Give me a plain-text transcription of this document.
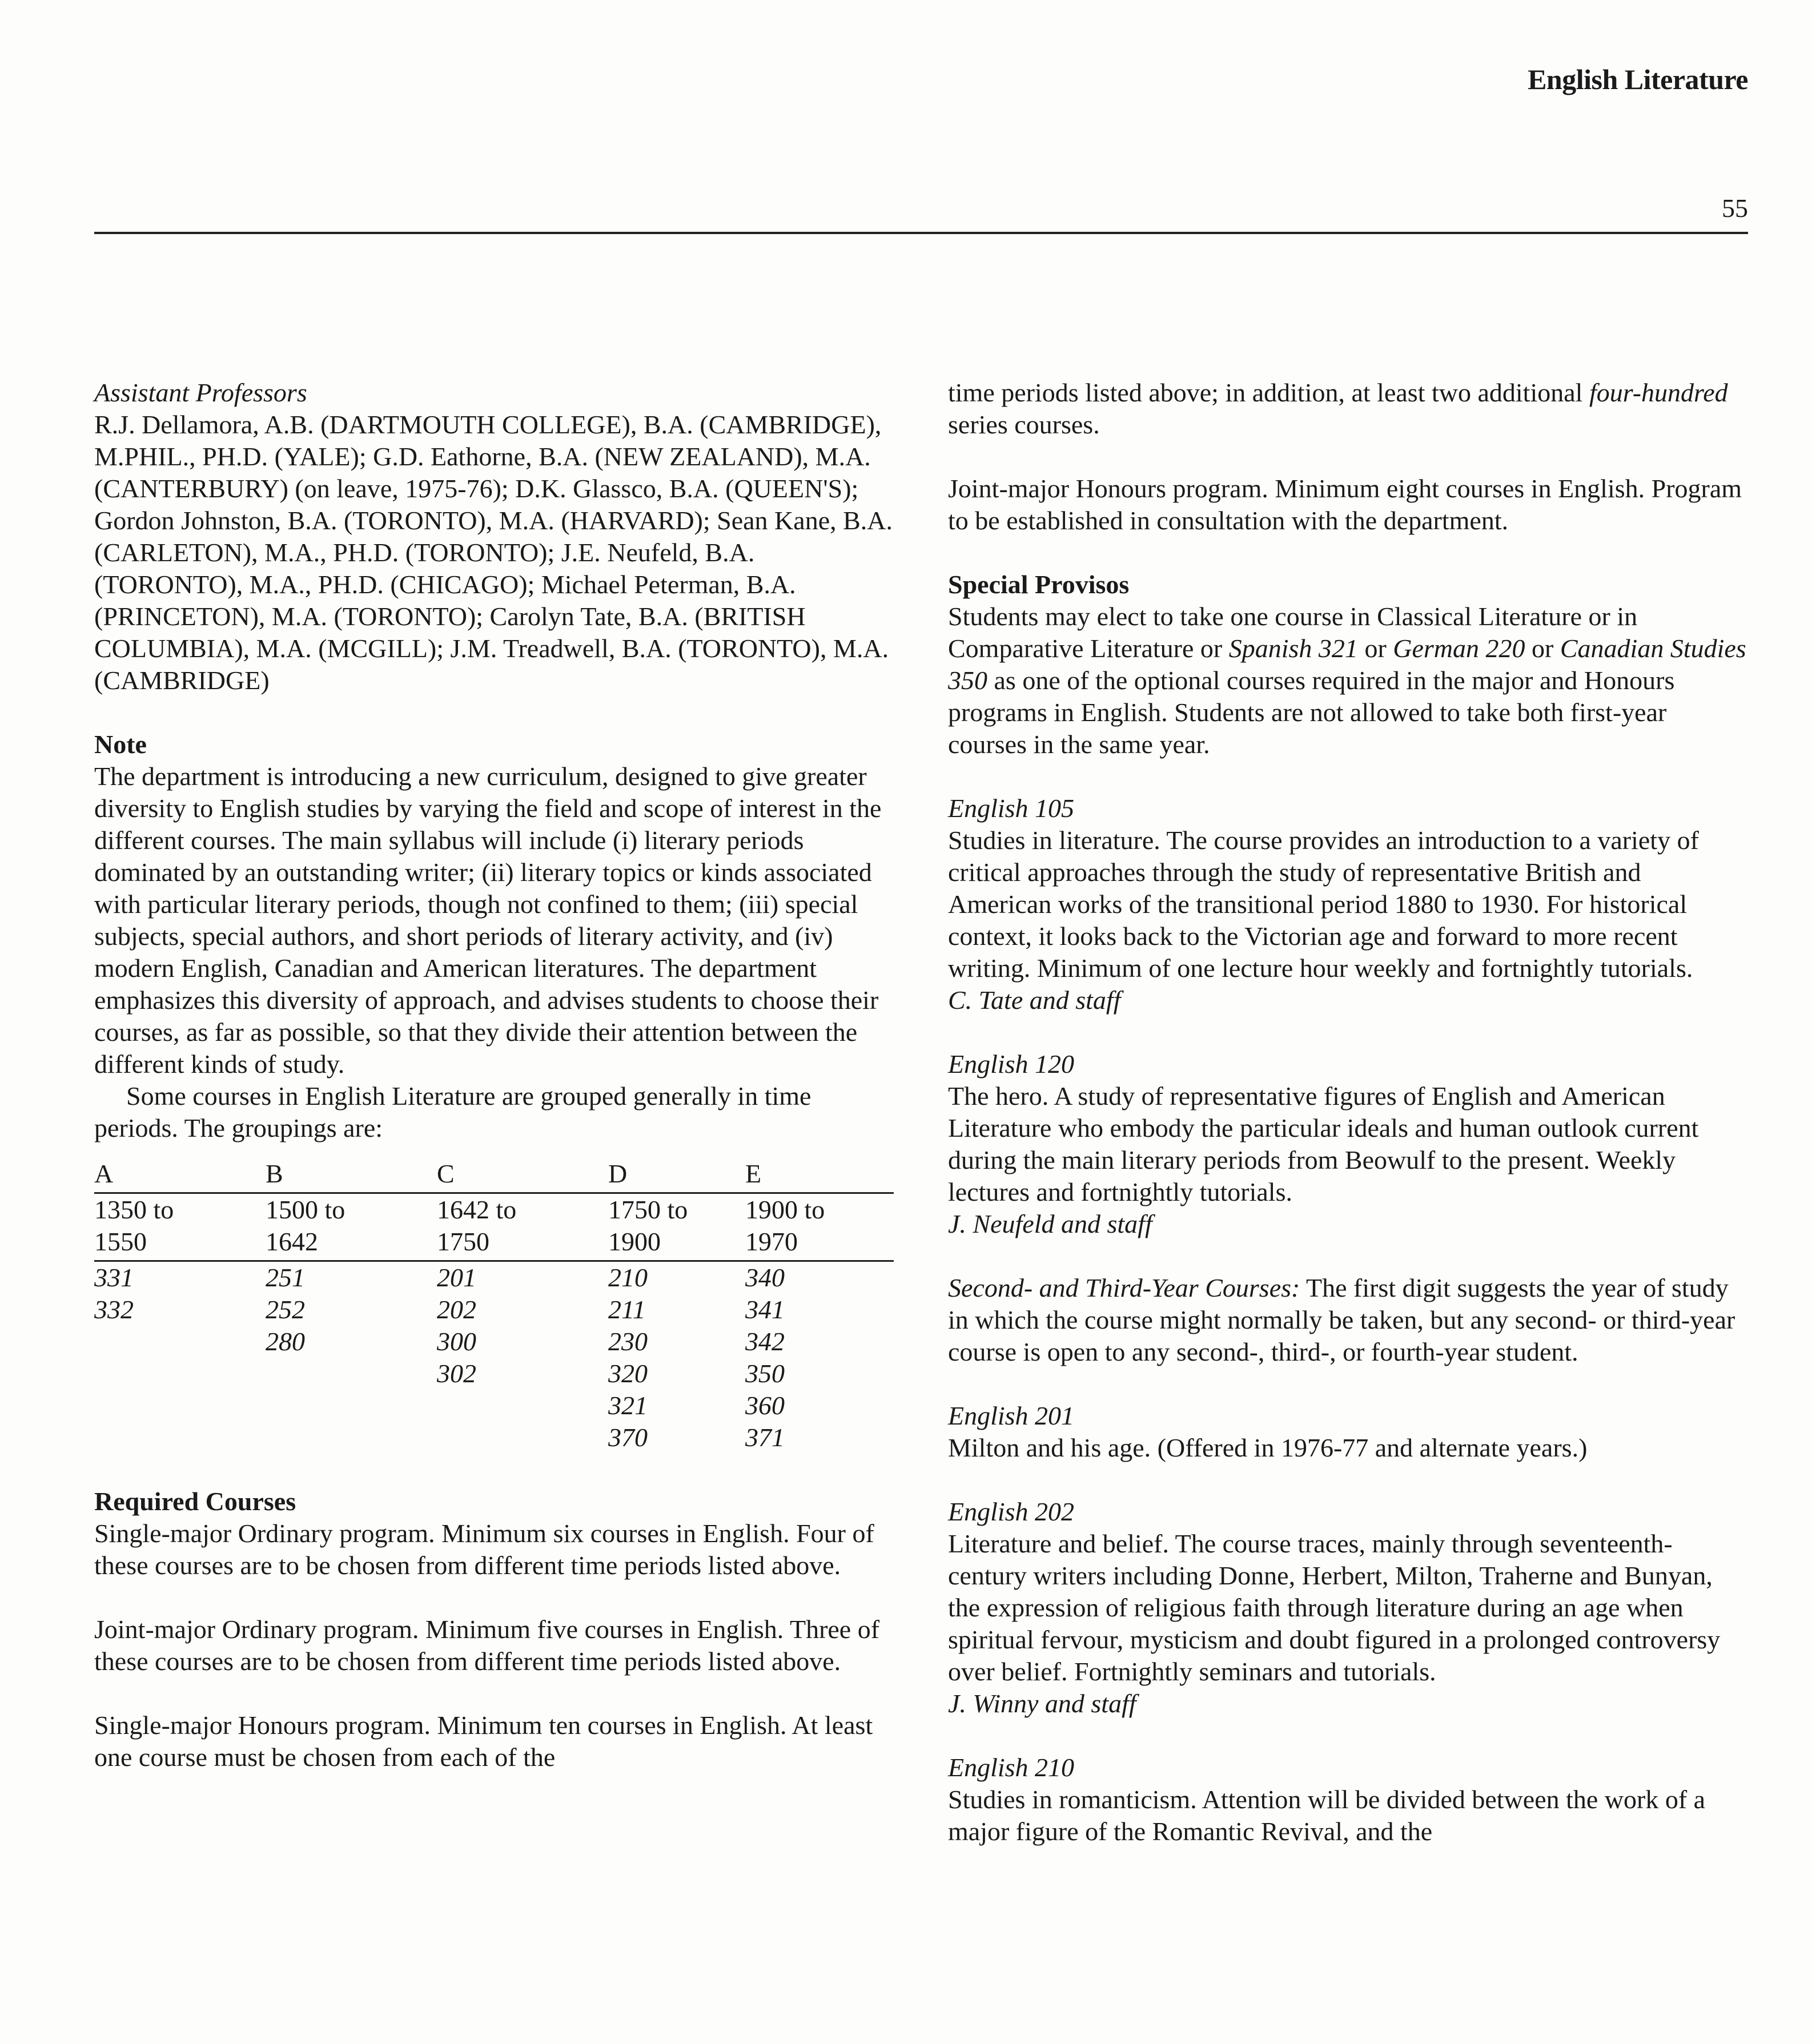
English Literature
55
Assistant Professors

R.J. Dellamora, A.B. (DARTMOUTH COLLEGE), B.A. (CAMBRIDGE), M.PHIL., PH.D. (YALE); G.D. Eathorne, B.A. (NEW ZEALAND), M.A. (CANTERBURY) (on leave, 1975-76); D.K. Glassco, B.A. (QUEEN'S); Gordon Johnston, B.A. (TORONTO), M.A. (HARVARD); Sean Kane, B.A. (CARLETON), M.A., PH.D. (TORONTO); J.E. Neufeld, B.A. (TORONTO), M.A., PH.D. (CHICAGO); Michael Peterman, B.A. (PRINCETON), M.A. (TORONTO); Carolyn Tate, B.A. (BRITISH COLUMBIA), M.A. (MCGILL); J.M. Treadwell, B.A. (TORONTO), M.A. (CAMBRIDGE)

Note

The department is introducing a new curriculum, designed to give greater diversity to English studies by varying the field and scope of interest in the different courses. The main syllabus will include (i) literary periods dominated by an outstanding writer; (ii) literary topics or kinds associated with particular literary periods, though not confined to them; (iii) special subjects, special authors, and short periods of literary activity, and (iv) modern English, Canadian and American literatures. The department emphasizes this diversity of approach, and advises students to choose their courses, as far as possible, so that they divide their attention between the different kinds of study.

Some courses in English Literature are grouped generally in time periods. The groupings are:

A	B	C	D	E
1350 to	1500 to	1642 to	1750 to	1900 to
1550	1642	1750	1900	1970
331	251	201	210	340
332	252	202	211	341
	280	300	230	342
		302	320	350
			321	360
			370	371
Required Courses

Single-major Ordinary program. Minimum six courses in English. Four of these courses are to be chosen from different time periods listed above.

Joint-major Ordinary program. Minimum five courses in English. Three of these courses are to be chosen from different time periods listed above.

Single-major Honours program. Minimum ten courses in English. At least one course must be chosen from each of the

time periods listed above; in addition, at least two additional four-hundred series courses.

Joint-major Honours program. Minimum eight courses in English. Program to be established in consultation with the department.

Special Provisos

Students may elect to take one course in Classical Literature or in Comparative Literature or Spanish 321 or German 220 or Canadian Studies 350 as one of the optional courses required in the major and Honours programs in English. Students are not allowed to take both first-year courses in the same year.

English 105

Studies in literature. The course provides an introduction to a variety of critical approaches through the study of representative British and American works of the transitional period 1880 to 1930. For historical context, it looks back to the Victorian age and forward to more recent writing. Minimum of one lecture hour weekly and fortnightly tutorials.

C. Tate and staff
English 120

The hero. A study of representative figures of English and American Literature who embody the particular ideals and human outlook current during the main literary periods from Beowulf to the present. Weekly lectures and fortnightly tutorials.

J. Neufeld and staff

Second- and Third-Year Courses: The first digit suggests the year of study in which the course might normally be taken, but any second- or third-year course is open to any second-, third-, or fourth-year student.

English 201

Milton and his age. (Offered in 1976-77 and alternate years.)

English 202

Literature and belief. The course traces, mainly through seventeenth-century writers including Donne, Herbert, Milton, Traherne and Bunyan, the expression of religious faith through literature during an age when spiritual fervour, mysticism and doubt figured in a prolonged controversy over belief. Fortnightly seminars and tutorials.

J. Winny and staff
English 210

Studies in romanticism. Attention will be divided between the work of a major figure of the Romantic Revival, and the
